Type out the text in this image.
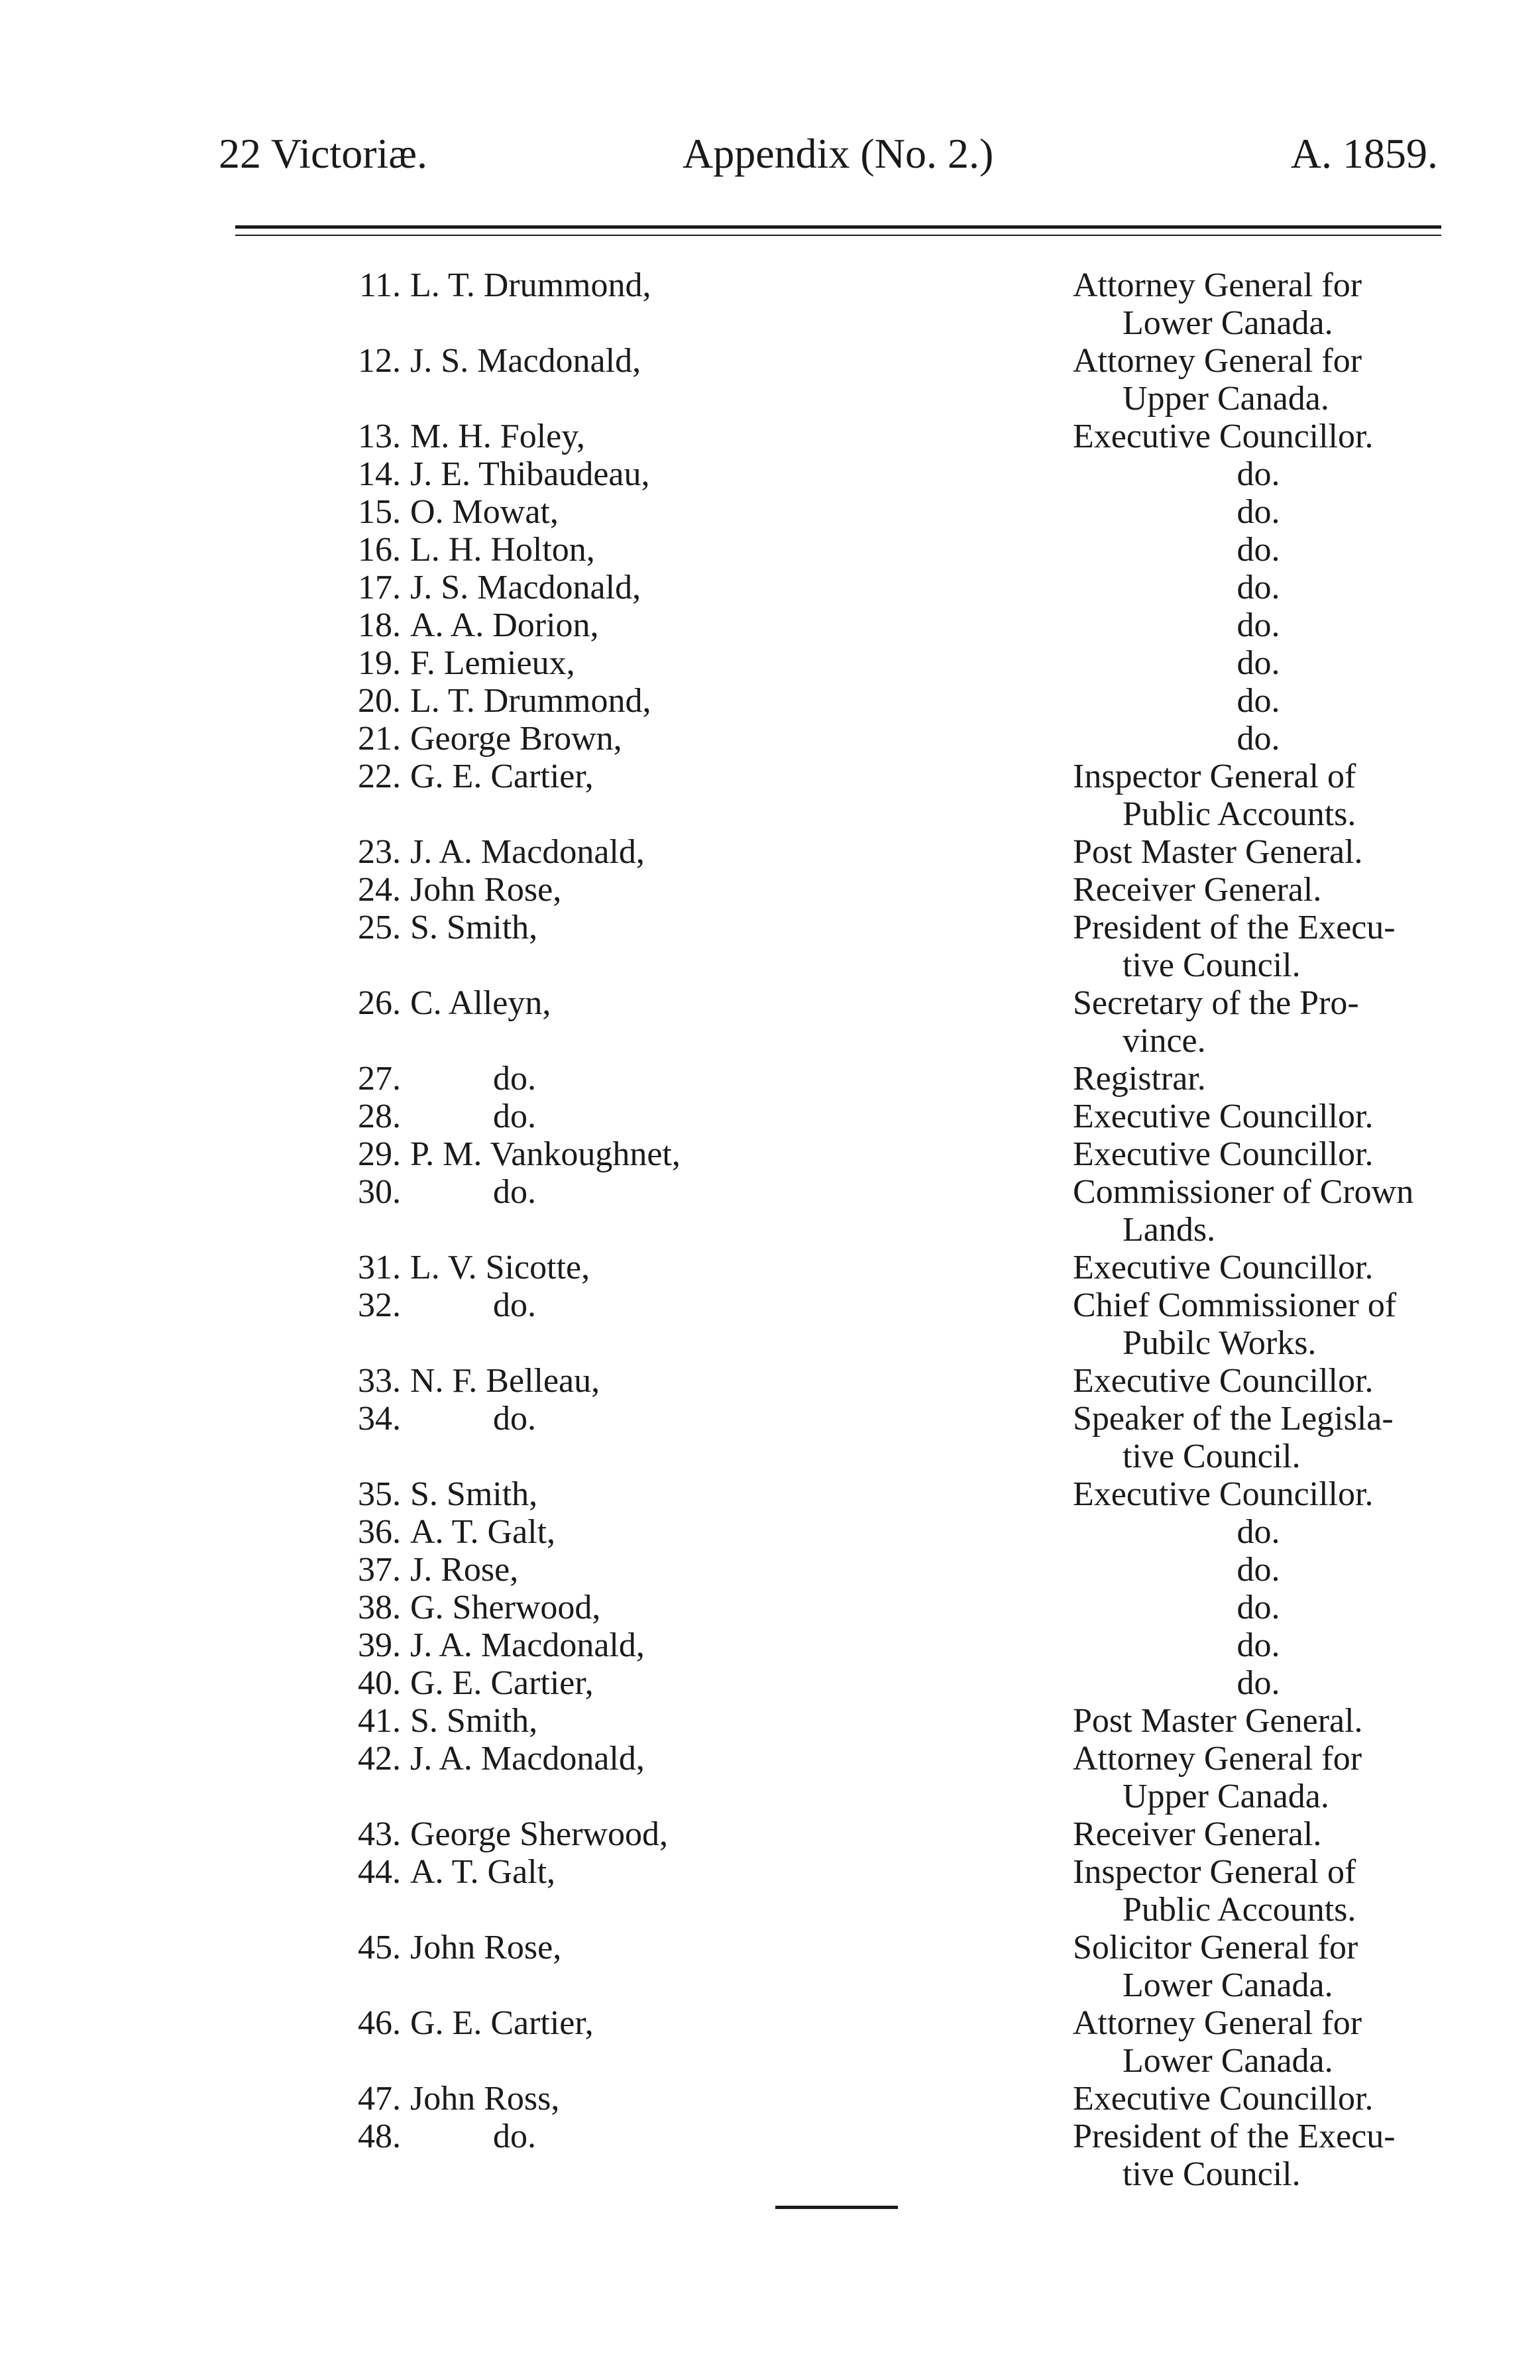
22 Victoriæ.	Appendix (No. 2.)	A. 1859.
11. L. T. Drummond,	Attorney General for
Lower Canada.
12. J. S. Macdonald,	Attorney General for
Upper Canada.
13. M. H. Foley,	Executive Councillor.
14. J. E. Thibaudeau,	do.
15. O. Mowat,	do.
16. L. H. Holton,	do.
17. J. S. Macdonald,	do.
18. A. A. Dorion,	do.
19. F. Lemieux,	do.
20. L. T. Drummond,	do.
21. George Brown,	do.
22. G. E. Cartier,	Inspector General of
Public Accounts.
23. J. A. Macdonald,	Post Master General.
24. John Rose,	Receiver General.
25. S. Smith,	President of the Execu-
tive Council.
26. C. Alleyn,	Secretary of the Pro-
vince.
27.	do.	Registrar.
28.	do.	Executive Councillor.
29. P. M. Vankoughnet,	Executive Councillor.
30.	do.	Commissioner of Crown
Lands.
31. L. V. Sicotte,	Executive Councillor.
32.	do.	Chief Commissioner of
Pubilc Works.
33. N. F. Belleau,	Executive Councillor.
34.	do.	Speaker of the Legisla-
tive Council.
35. S. Smith,	Executive Councillor.
36. A. T. Galt,	do.
37. J. Rose,	do.
38. G. Sherwood,	do.
39. J. A. Macdonald,	do.
40. G. E. Cartier,	do.
41. S. Smith,	Post Master General.
42. J. A. Macdonald,	Attorney General for
Upper Canada.
43. George Sherwood,	Receiver General.
44. A. T. Galt,	Inspector General of
Public Accounts.
45. John Rose,	Solicitor General for
Lower Canada.
46. G. E. Cartier,	Attorney General for
Lower Canada.
47. John Ross,	Executive Councillor.
48.	do.	President of the Execu-
tive Council.
